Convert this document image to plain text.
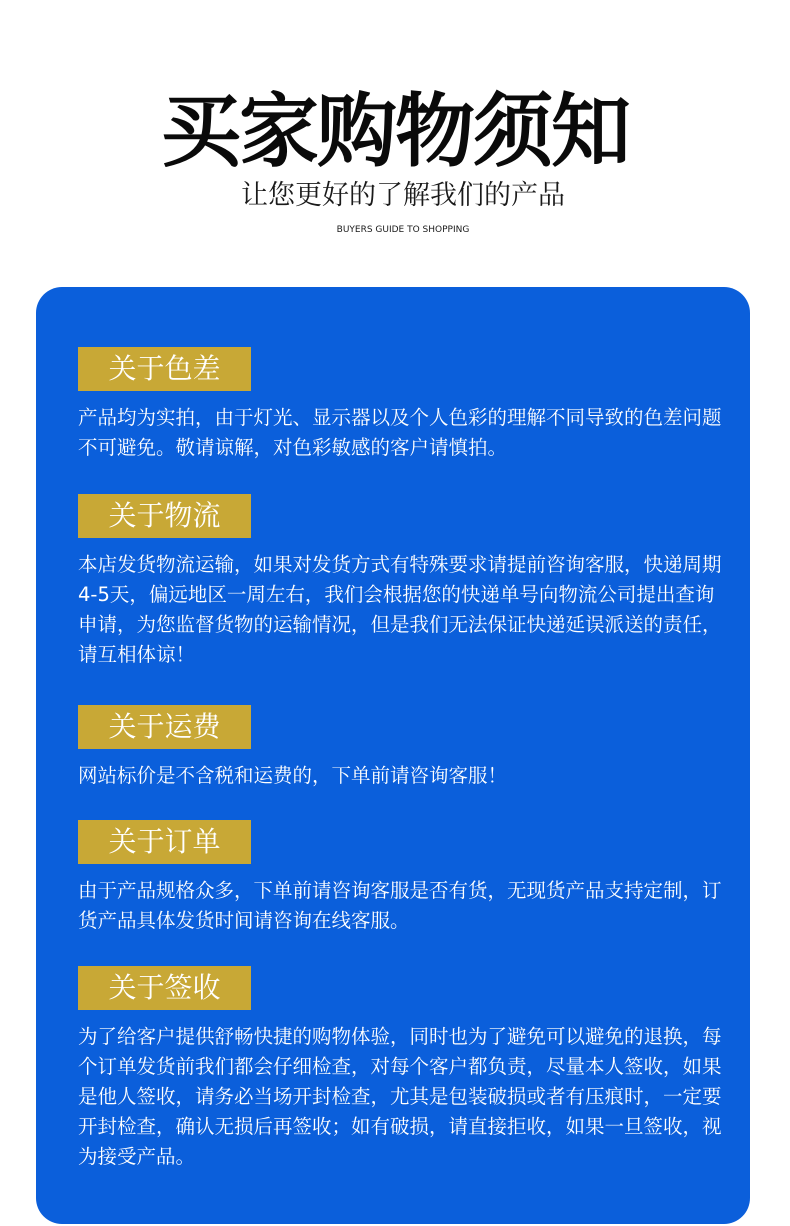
买家购物须知
让您更好的了解我们的产品
BUYERS GUIDE TO SHOPPING
关于色差
产品均为实拍，由于灯光、显示器以及个人色彩的理解不同导致的色差问题不可避免。敬请谅解，对色彩敏感的客户请慎拍。
关于物流
本店发货物流运输，如果对发货方式有特殊要求请提前咨询客服，快递周期4-5天，偏远地区一周左右，我们会根据您的快递单号向物流公司提出查询申请，为您监督货物的运输情况，但是我们无法保证快递延误派送的责任，请互相体谅！
关于运费
网站标价是不含税和运费的，下单前请咨询客服！
关于订单
由于产品规格众多，下单前请咨询客服是否有货，无现货产品支持定制，订货产品具体发货时间请咨询在线客服。
关于签收
为了给客户提供舒畅快捷的购物体验，同时也为了避免可以避免的退换，每个订单发货前我们都会仔细检查，对每个客户都负责，尽量本人签收，如果是他人签收，请务必当场开封检查，尤其是包装破损或者有压痕时，一定要开封检查，确认无损后再签收；如有破损，请直接拒收，如果一旦签收，视为接受产品。
